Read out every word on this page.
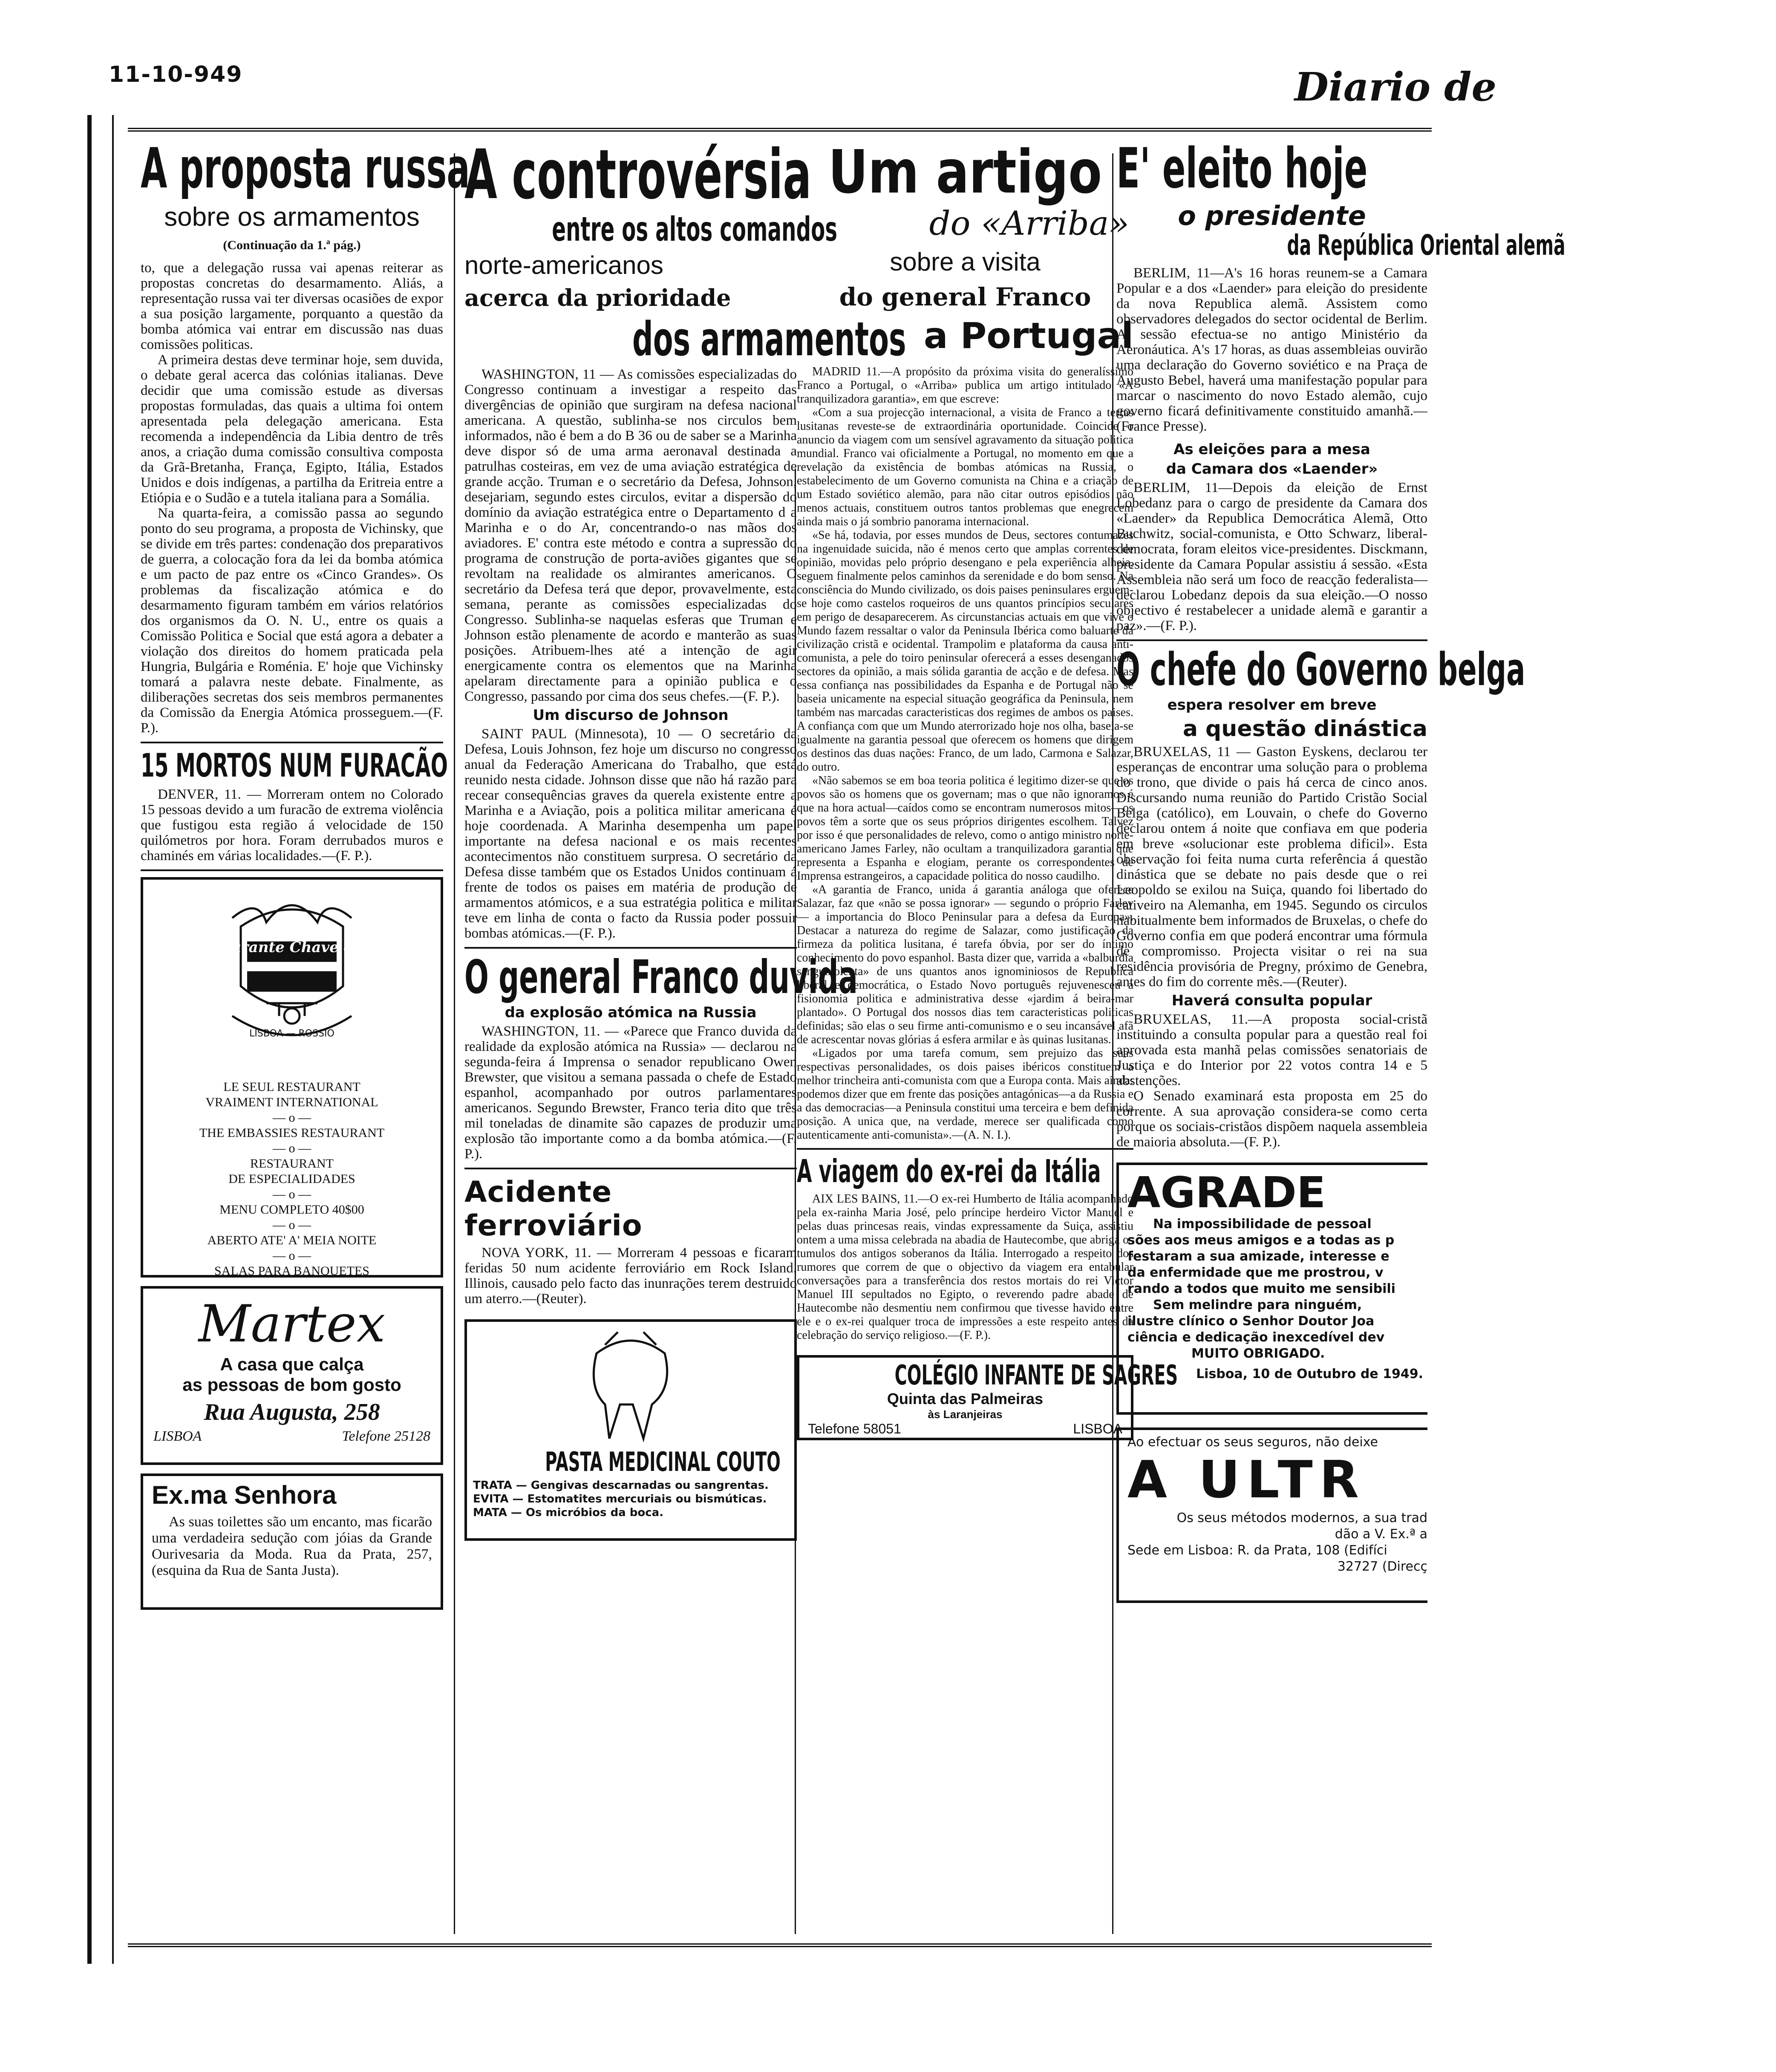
11-10-949	Diario de
A proposta russa
sobre os armamentos
(Continuação da 1.ª pág.)

to, que a delegação russa vai apenas reiterar as propostas concretas do desarmamento. Aliás, a representação russa vai ter diversas ocasiões de expor a sua posição largamente, porquanto a questão da bomba atómica vai entrar em discussão nas duas comissões politicas.

A primeira destas deve terminar hoje, sem duvida, o debate geral acerca das colónias italianas. Deve decidir que uma comissão estude as diversas propostas formuladas, das quais a ultima foi ontem apresentada pela delegação americana. Esta recomenda a independência da Libia dentro de três anos, a criação duma comissão consultiva composta da Grã-Bretanha, França, Egipto, Itália, Estados Unidos e dois indígenas, a partilha da Eritreia entre a Etiópia e o Sudão e a tutela italiana para a Somália.

Na quarta-feira, a comissão passa ao segundo ponto do seu programa, a proposta de Vichinsky, que se divide em três partes: condenação dos preparativos de guerra, a colocação fora da lei da bomba atómica e um pacto de paz entre os «Cinco Grandes». Os problemas da fiscalização atómica e do desarmamento figuram também em vários relatórios dos organismos da O. N. U., entre os quais a Comissão Politica e Social que está agora a debater a violação dos direitos do homem praticada pela Hungria, Bulgária e Roménia. E' hoje que Vichinsky tomará a palavra neste debate. Finalmente, as diliberações secretas dos seis membros permanentes da Comissão da Energia Atómica prosseguem.—(F. P.).

15 MORTOS NUM FURACÃO

DENVER, 11. — Morreram ontem no Colorado 15 pessoas devido a um furacão de extrema violência que fustigou esta região á velocidade de 150 quilómetros por hora. Foram derrubados muros e chaminés em várias localidades.—(F. P.).

Restaurante Chave d'Ouro
LISBOA — ROSSIO
LE SEUL RESTAURANT
VRAIMENT INTERNATIONAL
— o —
THE EMBASSIES RESTAURANT
— o —
RESTAURANT
DE ESPECIALIDADES
— o —
MENU COMPLETO 40$00
— o —
ABERTO ATE' A' MEIA NOITE
— o —
SALAS PARA BANQUETES
Martex
A casa que calça
as pessoas de bom gosto
Rua Augusta, 258
LISBOA	Telefone 25128
Ex.ma Senhora
As suas toilettes são um encanto, mas ficarão uma verdadeira sedução com jóias da Grande Ourivesaria da Moda. Rua da Prata, 257, (esquina da Rua de Santa Justa).
A controvérsia
entre os altos comandos
norte-americanos
acerca da prioridade
dos armamentos

WASHINGTON, 11 — As comissões especializadas do Congresso continuam a investigar a respeito das divergências de opinião que surgiram na defesa nacional americana. A questão, sublinha-se nos circulos bem informados, não é bem a do B 36 ou de saber se a Marinha deve dispor só de uma arma aeronaval destinada a patrulhas costeiras, em vez de uma aviação estratégica de grande acção. Truman e o secretário da Defesa, Johnson, desejariam, segundo estes circulos, evitar a dispersão do domínio da aviação estratégica entre o Departamento d a Marinha e o do Ar, concentrando-o nas mãos dos aviadores. E' contra este método e contra a supressão do programa de construção de porta-aviões gigantes que se revoltam na realidade os almirantes americanos. O secretário da Defesa terá que depor, provavelmente, esta semana, perante as comissões especializadas do Congresso. Sublinha-se naquelas esferas que Truman e Johnson estão plenamente de acordo e manterão as suas posições. Atribuem-lhes até a intenção de agir energicamente contra os elementos que na Marinha apelaram directamente para a opinião publica e o Congresso, passando por cima dos seus chefes.—(F. P.).

Um discurso de Johnson

SAINT PAUL (Minnesota), 10 — O secretário da Defesa, Louis Johnson, fez hoje um discurso no congresso anual da Federação Americana do Trabalho, que está reunido nesta cidade. Johnson disse que não há razão para recear consequências graves da querela existente entre a Marinha e a Aviação, pois a politica militar americana é hoje coordenada. A Marinha desempenha um papel importante na defesa nacional e os mais recentes acontecimentos não constituem surpresa. O secretário da Defesa disse também que os Estados Unidos continuam á frente de todos os paises em matéria de produção de armamentos atómicos, e a sua estratégia politica e militar teve em linha de conta o facto da Russia poder possuir bombas atómicas.—(F. P.).

O general Franco duvida
da explosão atómica na Russia

WASHINGTON, 11. — «Parece que Franco duvida da realidade da explosão atómica na Russia» — declarou na segunda-feira á Imprensa o senador republicano Owen Brewster, que visitou a semana passada o chefe de Estado espanhol, acompanhado por outros parlamentares americanos. Segundo Brewster, Franco teria dito que três mil toneladas de dinamite são capazes de produzir uma explosão tão importante como a da bomba atómica.—(F. P.).

Acidente ferroviário

NOVA YORK, 11. — Morreram 4 pessoas e ficaram feridas 50 num acidente ferroviário em Rock Island. Illinois, causado pelo facto das inunrações terem destruido um aterro.—(Reuter).

PASTA MEDICINAL COUTO
TRATA — Gengivas descarnadas ou sangrentas.
EVITA — Estomatites mercuriais ou bismúticas.
MATA — Os micróbios da boca.
Um artigo
do «Arriba»
sobre a visita
do general Franco
a Portugal

MADRID 11.—A propósito da próxima visita do generalíssimo Franco a Portugal, o «Arriba» publica um artigo intitulado «A tranquilizadora garantia», em que escreve:

«Com a sua projecção internacional, a visita de Franco a terras lusitanas reveste-se de extraordinária oportunidade. Coincide o anuncio da viagem com um sensível agravamento da situação politica mundial. Franco vai oficialmente a Portugal, no momento em que a revelação da existência de bombas atómicas na Russia, o estabelecimento de um Governo comunista na China e a criação de um Estado soviético alemão, para não citar outros episódios não menos actuais, constituem outros tantos problemas que enegrecem ainda mais o já sombrio panorama internacional.

«Se há, todavia, por esses mundos de Deus, sectores contumazes na ingenuidade suicida, não é menos certo que amplas correntes de opinião, movidas pelo próprio desengano e pela experiência alheia, seguem finalmente pelos caminhos da serenidade e do bom senso. Na consciência do Mundo civilizado, os dois paises peninsulares erguem-se hoje como castelos roqueiros de uns quantos princípios seculares em perigo de desaparecerem. As circunstancias actuais em que vive o Mundo fazem ressaltar o valor da Peninsula Ibérica como baluarte da civilização cristã e ocidental. Trampolim e plataforma da causa anti-comunista, a pele do toiro peninsular oferecerá a esses desenganados sectores da opinião, a mais sólida garantia de acção e de defesa. Mas essa confiança nas possibilidades da Espanha e de Portugal não se baseia unicamente na especial situação geográfica da Peninsula, nem também nas marcadas caracteristicas dos regimes de ambos os paises. A confiança com que um Mundo aterrorizado hoje nos olha, baseia-se igualmente na garantia pessoal que oferecem os homens que dirigem os destinos das duas nações: Franco, de um lado, Carmona e Salazar, do outro.

«Não sabemos se em boa teoria politica é legitimo dizer-se que os povos são os homens que os governam; mas o que não ignoramos é que na hora actual—caídos como se encontram numerosos mitos—os povos têm a sorte que os seus próprios dirigentes escolhem. Talvez por isso é que personalidades de relevo, como o antigo ministro norte-americano James Farley, não ocultam a tranquilizadora garantia que representa a Espanha e elogiam, perante os correspondentes de Imprensa estrangeiros, a capacidade politica do nosso caudilho.

«A garantia de Franco, unida á garantia análoga que oferece Salazar, faz que «não se possa ignorar» — segundo o próprio Farley — a importancia do Bloco Peninsular para a defesa da Europa». Destacar a natureza do regime de Salazar, como justificação da firmeza da politica lusitana, é tarefa óbvia, por ser do íntimo conhecimento do povo espanhol. Basta dizer que, varrida a «balburdia sanguinolenta» de uns quantos anos ignominiosos de Republica liberal e democrática, o Estado Novo português rejuvenesceu a fisionomia politica e administrativa desse «jardim á beira-mar plantado». O Portugal dos nossos dias tem caracteristicas politicas definidas; são elas o seu firme anti-comunismo e o seu incansável afã de acrescentar novas glórias á esfera armilar e às quinas lusitanas.

«Ligados por uma tarefa comum, sem prejuizo das suas respectivas personalidades, os dois paises ibéricos constituem a melhor trincheira anti-comunista com que a Europa conta. Mais ainda: podemos dizer que em frente das posições antagónicas—a da Russia e a das democracias—a Peninsula constitui uma terceira e bem definida posição. A unica que, na verdade, merece ser qualificada como autenticamente anti-comunista».—(A. N. I.).

A viagem do ex-rei da Itália

AIX LES BAINS, 11.—O ex-rei Humberto de Itália acompanhado pela ex-rainha Maria José, pelo príncipe herdeiro Victor Manuel e pelas duas princesas reais, vindas expressamente da Suiça, assistiu ontem a uma missa celebrada na abadia de Hautecombe, que abriga os tumulos dos antigos soberanos da Itália. Interrogado a respeito dos rumores que correm de que o objectivo da viagem era entabular conversações para a transferência dos restos mortais do rei Victor Manuel III sepultados no Egipto, o reverendo padre abade de Hautecombe não desmentiu nem confirmou que tivesse havido entre ele e o ex-rei qualquer troca de impressões a este respeito antes da celebração do serviço religioso.—(F. P.).

COLÉGIO INFANTE DE SAGRES
Quinta das Palmeiras
às Laranjeiras
Telefone 58051	LISBOA
E' eleito hoje
o presidente
da República Oriental alemã

BERLIM, 11—A's 16 horas reunem-se a Camara Popular e a dos «Laender» para eleição do presidente da nova Republica alemã. Assistem como observadores delegados do sector ocidental de Berlim. A sessão efectua-se no antigo Ministério da Aeronáutica. A's 17 horas, as duas assembleias ouvirão uma declaração do Governo soviético e na Praça de Augusto Bebel, haverá uma manifestação popular para marcar o nascimento do novo Estado alemão, cujo governo ficará definitivamente constituido amanhã.—(France Presse).

As eleições para a mesa
da Camara dos «Laender»

BERLIM, 11—Depois da eleição de Ernst Lobedanz para o cargo de presidente da Camara dos «Laender» da Republica Democrática Alemã, Otto Buchwitz, social-comunista, e Otto Schwarz, liberal-democrata, foram eleitos vice-presidentes. Disckmann, presidente da Camara Popular assistiu á sessão. «Esta Assembleia não será um foco de reacção federalista—declarou Lobedanz depois da sua eleição.—O nosso objectivo é restabelecer a unidade alemã e garantir a paz».—(F. P.).

O chefe do Governo belga
espera resolver em breve
a questão dinástica

BRUXELAS, 11 — Gaston Eyskens, declarou ter esperanças de encontrar uma solução para o problema do trono, que divide o pais há cerca de cinco anos. Discursando numa reunião do Partido Cristão Social Belga (católico), em Louvain, o chefe do Governo declarou ontem á noite que confiava em que poderia em breve «solucionar este problema dificil». Esta observação foi feita numa curta referência á questão dinástica que se debate no pais desde que o rei Leopoldo se exilou na Suiça, quando foi libertado do cativeiro na Alemanha, em 1945. Segundo os circulos habitualmente bem informados de Bruxelas, o chefe do Governo confia em que poderá encontrar uma fórmula de compromisso. Projecta visitar o rei na sua residência provisória de Pregny, próximo de Genebra, antes do fim do corrente mês.—(Reuter).

Haverá consulta popular

BRUXELAS, 11.—A proposta social-cristã instituindo a consulta popular para a questão real foi aprovada esta manhã pelas comissões senatoriais de Justiça e do Interior por 22 votos contra 14 e 5 abstenções.

O Senado examinará esta proposta em 25 do corrente. A sua aprovação considera-se como certa porque os sociais-cristãos dispõem naquela assembleia de maioria absoluta.—(F. P.).

AGRADE
Na impossibilidade de pessoal
sões aos meus amigos e a todas as p
festaram a sua amizade, interesse e
da enfermidade que me prostrou, v
rando a todos que muito me sensibili
Sem melindre para ninguém,
ilustre clínico o Senhor Doutor Joa
ciência e dedicação inexcedível dev
MUITO OBRIGADO.
Lisboa, 10 de Outubro de 1949.
Ao efectuar os seus seguros, não deixe
A ULTR
Os seus métodos modernos, a sua trad
dão a V. Ex.ª a
Sede em Lisboa: R. da Prata, 108 (Edifíci
32727 (Direcç
